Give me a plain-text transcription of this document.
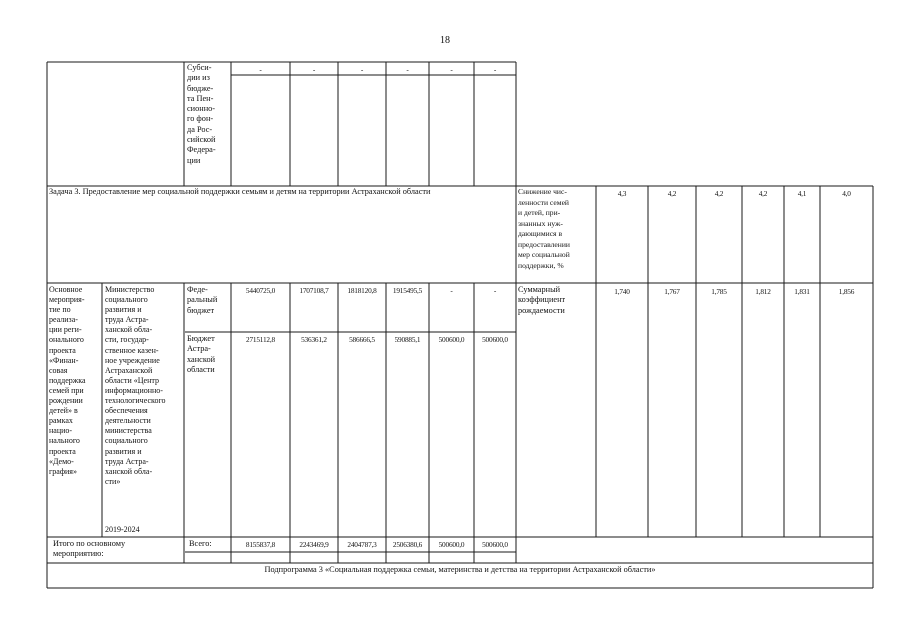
18
Субси-
дии из
бюдже-
та Пен-
сионно-
го фон-
да Рос-
сийской
Федера-
ции
-	-	-	-	-	-
Задача 3. Предоставление мер социальной поддержки семьям и детям на территории Астраханской области	Снижение чис-
ленности семей
и детей, при-
знанных нуж-
дающимися в
предоставлении
мер социальной
поддержки, %
4,3	4,2	4,2	4,2	4,1	4,0
Основное
мероприя-
тие по
реализа-
ции реги-
онального
проекта
«Финан-
совая
поддержка
семей при
рождении
детей» в
рамках
нацио-
нального
проекта
«Демо-
графия»
Министерство
социального
развития и
труда Астра-
ханской обла-
сти, государ-
ственное казен-
ное учреждение
Астраханской
области «Центр
информационно-
технологического
обеспечения
деятельности
министерства
социального
развития и
труда Астра-
ханской обла-
сти»
2019-2024
Феде-
ральный
бюджет
5440725,0	1707108,7	1818120,8	1915495,5	-	-
Бюджет
Астра-
ханской
области
2715112,8	536361,2	586666,5	590885,1	500600,0	500600,0
Суммарный
коэффициент
рождаемости
1,740	1,767	1,785	1,812	1,831	1,856
Итого по основному
мероприятию:
Всего:	8155837,8	2243469,9	2404787,3	2506380,6	500600,0	500600,0
Подпрограмма 3 «Социальная поддержка семьи, материнства и детства на территории Астраханской области»
